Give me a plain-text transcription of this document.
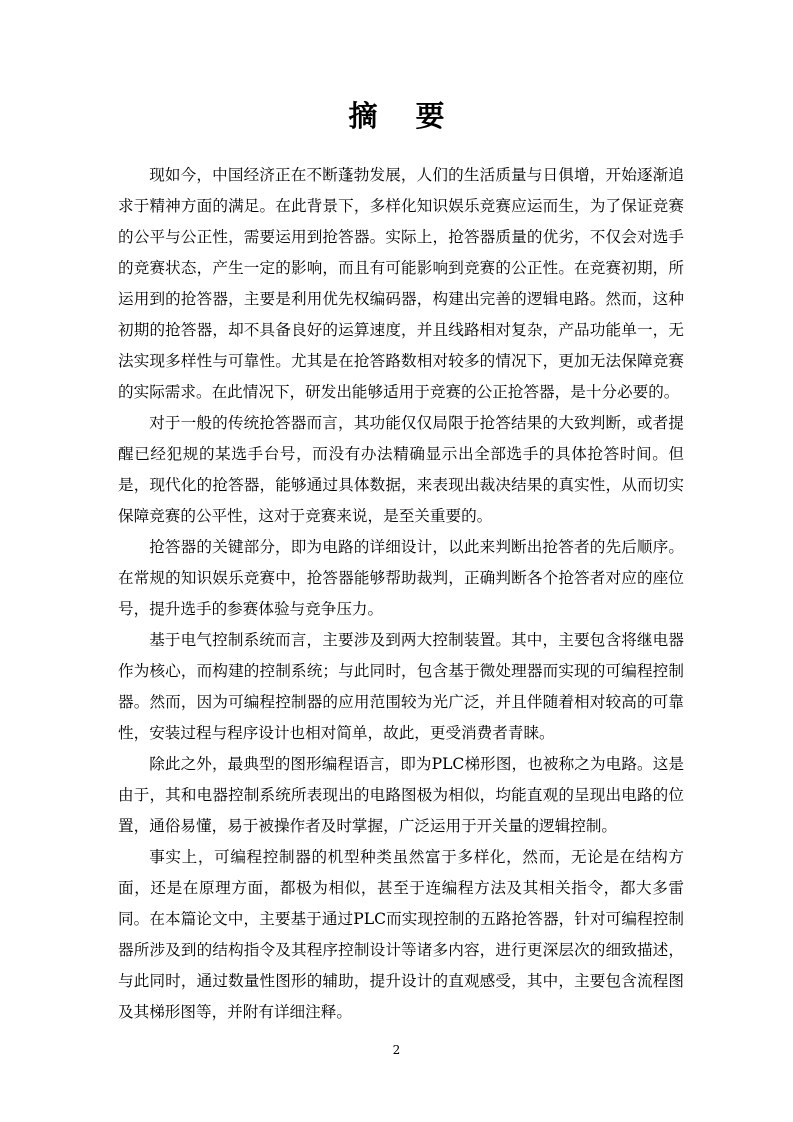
摘 要

现如今，中国经济正在不断蓬勃发展，人们的生活质量与日俱增，开始逐渐追求于精神方面的满足。在此背景下，多样化知识娱乐竞赛应运而生，为了保证竞赛的公平与公正性，需要运用到抢答器。实际上，抢答器质量的优劣，不仅会对选手的竞赛状态，产生一定的影响，而且有可能影响到竞赛的公正性。在竞赛初期，所运用到的抢答器，主要是利用优先权编码器，构建出完善的逻辑电路。然而，这种初期的抢答器，却不具备良好的运算速度，并且线路相对复杂，产品功能单一，无法实现多样性与可靠性。尤其是在抢答路数相对较多的情况下，更加无法保障竞赛的实际需求。在此情况下，研发出能够适用于竞赛的公正抢答器，是十分必要的。

对于一般的传统抢答器而言，其功能仅仅局限于抢答结果的大致判断，或者提醒已经犯规的某选手台号，而没有办法精确显示出全部选手的具体抢答时间。但是，现代化的抢答器，能够通过具体数据，来表现出裁决结果的真实性，从而切实保障竞赛的公平性，这对于竞赛来说，是至关重要的。

抢答器的关键部分，即为电路的详细设计，以此来判断出抢答者的先后顺序。在常规的知识娱乐竞赛中，抢答器能够帮助裁判，正确判断各个抢答者对应的座位号，提升选手的参赛体验与竞争压力。

基于电气控制系统而言，主要涉及到两大控制装置。其中，主要包含将继电器作为核心，而构建的控制系统；与此同时，包含基于微处理器而实现的可编程控制器。然而，因为可编程控制器的应用范围较为光广泛，并且伴随着相对较高的可靠性，安装过程与程序设计也相对简单，故此，更受消费者青睐。

除此之外，最典型的图形编程语言，即为PLC梯形图，也被称之为电路。这是由于，其和电器控制系统所表现出的电路图极为相似，均能直观的呈现出电路的位置，通俗易懂，易于被操作者及时掌握，广泛运用于开关量的逻辑控制。

事实上，可编程控制器的机型种类虽然富于多样化，然而，无论是在结构方面，还是在原理方面，都极为相似，甚至于连编程方法及其相关指令，都大多雷同。在本篇论文中，主要基于通过PLC而实现控制的五路抢答器，针对可编程控制器所涉及到的结构指令及其程序控制设计等诸多内容，进行更深层次的细致描述，与此同时，通过数量性图形的辅助，提升设计的直观感受，其中，主要包含流程图及其梯形图等，并附有详细注释。

2
